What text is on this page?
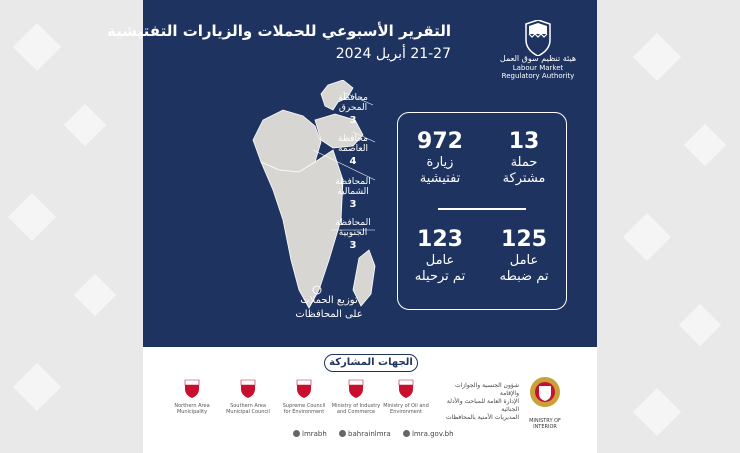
التقرير الأسبوعي للحملات والزيارات التفتيشية
21-27 أبريل 2024	هيئة تنظيم سوق العمل
Labour Market
Regulatory Authority
محافظة المحرق
3
محافظة العاصمة
4
المحافظة الشمالية
3
المحافظة الجنوبية
3
توزيع الحملات
على المحافظات
13
حملة
مشتركة
972
زيارة
تفتيشية
125
عامل
تم ضبطه
123
عامل
تم ترحيله
الجهات المشاركة
Northern Area Municipality
Southern Area Municipal Council
Supreme Council for Environment
Ministry of Industry and Commerce
Ministry of Oil and Environment
شؤون الجنسية والجوازات والإقامة
الإدارة العامة للمباحث والأدلة الجنائية
المديريات الأمنية بالمحافظات	MINISTRY OF INTERIOR
lmrabh	bahrainlmra	lmra.gov.bh
